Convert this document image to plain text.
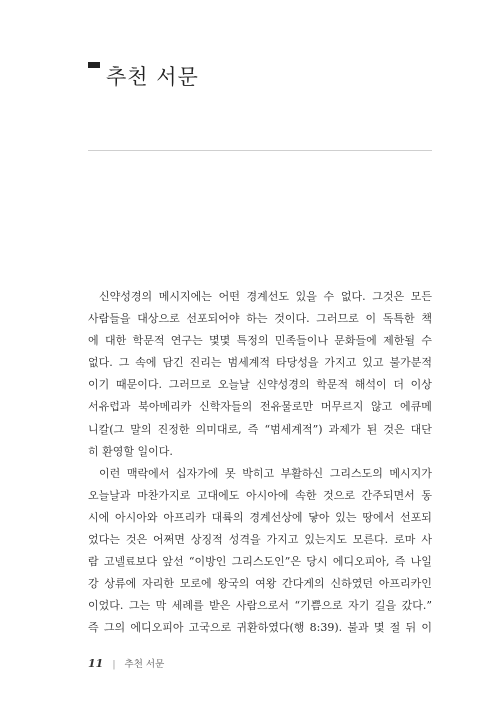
추천 서문
신약성경의 메시지에는 어떤 경계선도 있을 수 없다. 그것은 모든
사람들을 대상으로 선포되어야 하는 것이다. 그러므로 이 독특한 책
에 대한 학문적 연구는 몇몇 특정의 민족들이나 문화들에 제한될 수
없다. 그 속에 담긴 진리는 범세계적 타당성을 가지고 있고 불가분적
이기 때문이다. 그러므로 오늘날 신약성경의 학문적 해석이 더 이상
서유럽과 북아메리카 신학자들의 전유물로만 머무르지 않고 에큐메
니칼(그 말의 진정한 의미대로, 즉 “범세계적”) 과제가 된 것은 대단
히 환영할 일이다.
이런 맥락에서 십자가에 못 박히고 부활하신 그리스도의 메시지가
오늘날과 마찬가지로 고대에도 아시아에 속한 것으로 간주되면서 동
시에 아시아와 아프리카 대륙의 경계선상에 닿아 있는 땅에서 선포되
었다는 것은 어쩌면 상징적 성격을 가지고 있는지도 모른다. 로마 사
람 고넬료보다 앞선 “이방인 그리스도인”은 당시 에디오피아, 즉 나일
강 상류에 자리한 모로에 왕국의 여왕 간다게의 신하였던 아프리카인
이었다. 그는 막 세례를 받은 사람으로서 “기쁨으로 자기 길을 갔다.”
즉 그의 에디오피아 고국으로 귀환하였다(행 8:39). 불과 몇 절 뒤 이
11 | 추천 서문
